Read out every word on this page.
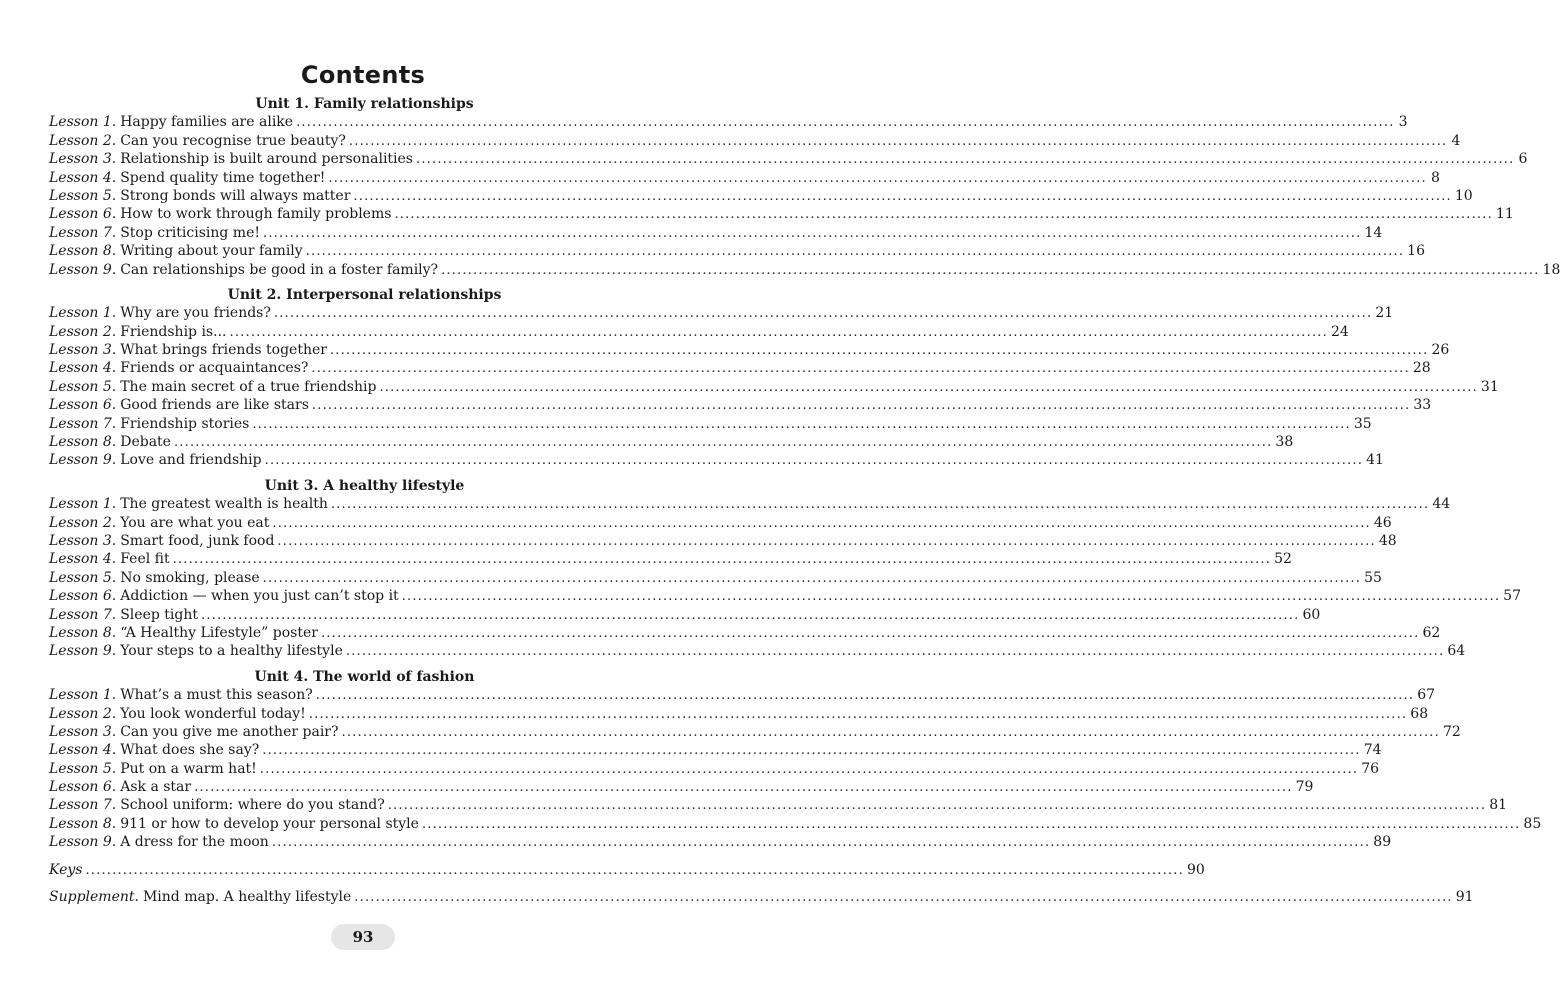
Contents
Unit 1. Family relationships
Lesson 1. Happy families are alike .....	3
Lesson 2. Can you recognise true beauty? .....	4
Lesson 3. Relationship is built around personalities .....	6
Lesson 4. Spend quality time together! .....	8
Lesson 5. Strong bonds will always matter .....	10
Lesson 6. How to work through family problems .....	11
Lesson 7. Stop criticising me! .....	14
Lesson 8. Writing about your family .....	16
Lesson 9. Can relationships be good in a foster family? .....	18
Unit 2. Interpersonal relationships
Lesson 1. Why are you friends? .....	21
Lesson 2. Friendship is... .....	24
Lesson 3. What brings friends together .....	26
Lesson 4. Friends or acquaintances? .....	28
Lesson 5. The main secret of a true friendship .....	31
Lesson 6. Good friends are like stars .....	33
Lesson 7. Friendship stories .....	35
Lesson 8. Debate .....	38
Lesson 9. Love and friendship .....	41
Unit 3. A healthy lifestyle
Lesson 1. The greatest wealth is health .....	44
Lesson 2. You are what you eat .....	46
Lesson 3. Smart food, junk food .....	48
Lesson 4. Feel fit .....	52
Lesson 5. No smoking, please .....	55
Lesson 6. Addiction — when you just can’t stop it .....	57
Lesson 7. Sleep tight .....	60
Lesson 8. “A Healthy Lifestyle” poster .....	62
Lesson 9. Your steps to a healthy lifestyle .....	64
Unit 4. The world of fashion
Lesson 1. What’s a must this season? .....	67
Lesson 2. You look wonderful today! .....	68
Lesson 3. Can you give me another pair? .....	72
Lesson 4. What does she say? .....	74
Lesson 5. Put on a warm hat! .....	76
Lesson 6. Ask a star .....	79
Lesson 7. School uniform: where do you stand? .....	81
Lesson 8. 911 or how to develop your personal style .....	85
Lesson 9. A dress for the moon .....	89
Keys .....	90
Supplement. Mind map. A healthy lifestyle .....	91
93
